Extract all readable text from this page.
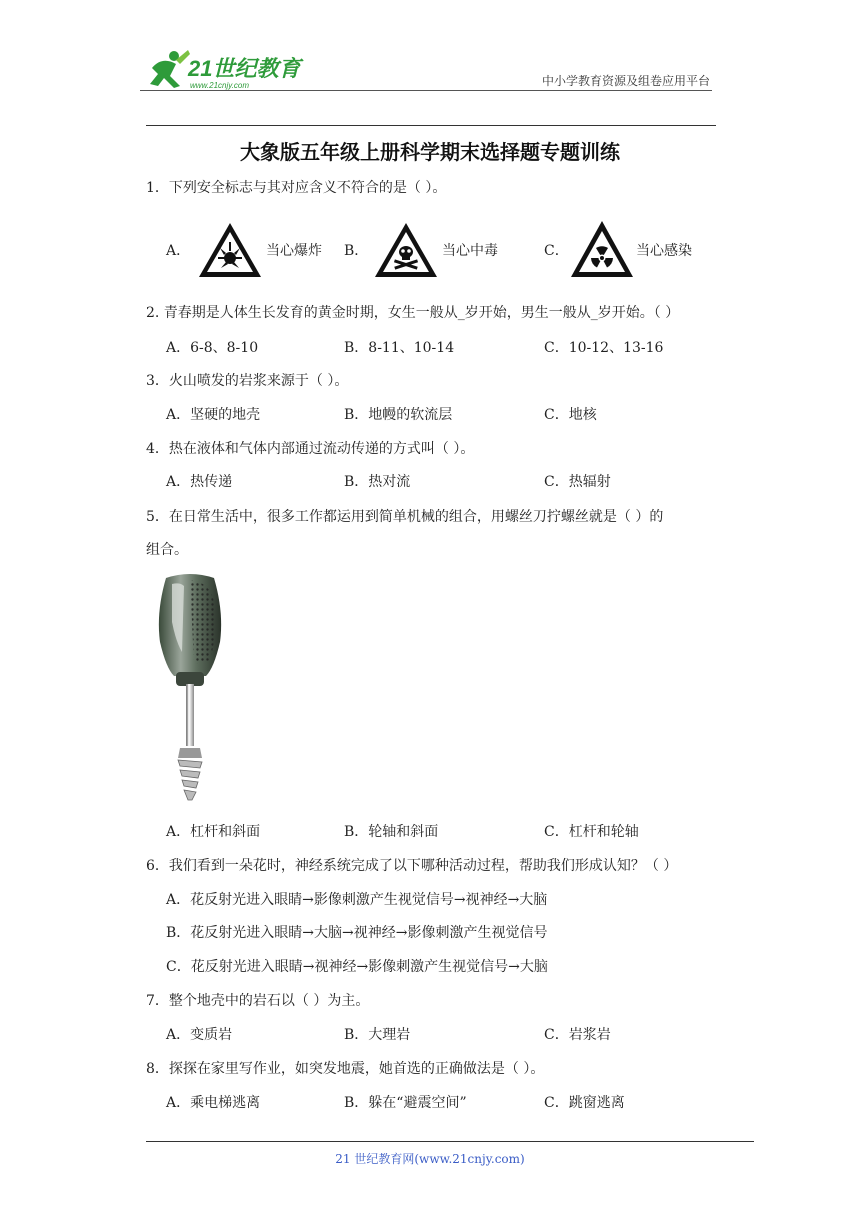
21世纪教育
www.21cnjy.com	中小学教育资源及组卷应用平台
大象版五年级上册科学期末选择题专题训练
1．下列安全标志与其对应含义不符合的是（ ）。
A．	当心爆炸 B．	当心中毒	C．	当心感染
2. 青春期是人体生长发育的黄金时期，女生一般从_岁开始，男生一般从_岁开始。（ ）
A．6-8、8-10	B．8-11、10-14	C．10-12、13-16
3．火山喷发的岩浆来源于（ ）。
A．坚硬的地壳	B．地幔的软流层	C．地核
4．热在液体和气体内部通过流动传递的方式叫（ ）。
A．热传递	B．热对流	C．热辐射
5．在日常生活中，很多工作都运用到简单机械的组合，用螺丝刀拧螺丝就是（ ）的
组合。
A．杠杆和斜面	B．轮轴和斜面	C．杠杆和轮轴
6．我们看到一朵花时，神经系统完成了以下哪种活动过程，帮助我们形成认知？（ ）
A．花反射光进入眼睛→影像刺激产生视觉信号→视神经→大脑
B．花反射光进入眼睛→大脑→视神经→影像刺激产生视觉信号
C．花反射光进入眼睛→视神经→影像刺激产生视觉信号→大脑
7．整个地壳中的岩石以（ ）为主。
A．变质岩	B．大理岩	C．岩浆岩
8．探探在家里写作业，如突发地震，她首选的正确做法是（ ）。
A．乘电梯逃离	B．躲在“避震空间”	C．跳窗逃离
21 世纪教育网(www.21cnjy.com)
